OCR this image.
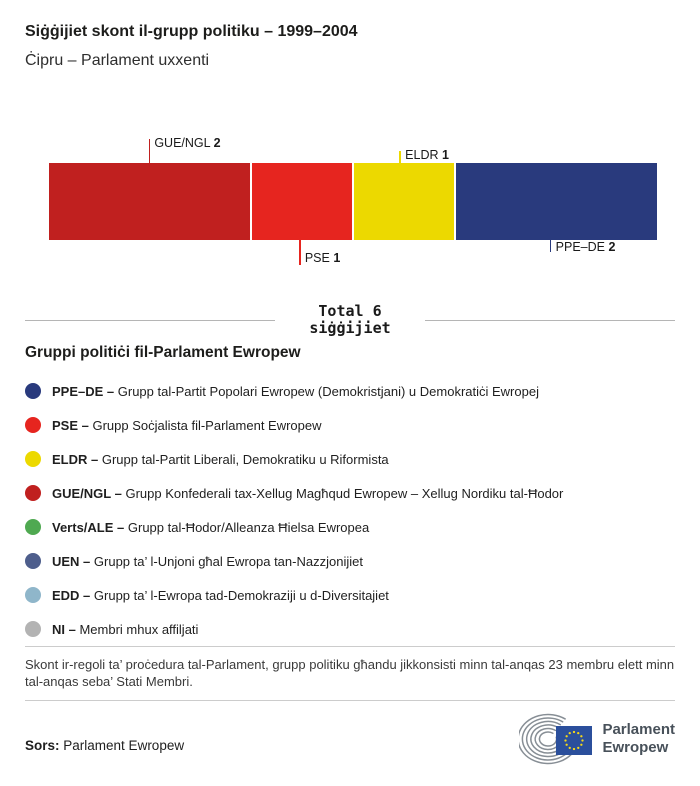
Siġġijiet skont il-grupp politiku – 1999–2004
Ċipru – Parlament uxxenti
GUE/NGL 2
PSE 1
ELDR 1
PPE–DE 2
Total 6
siġġijiet
Gruppi politiċi fil-Parlament Ewropew
PPE–DE – Grupp tal-Partit Popolari Ewropew (Demokristjani) u Demokratiċi Ewropej
PSE – Grupp Soċjalista fil-Parlament Ewropew
ELDR – Grupp tal-Partit Liberali, Demokratiku u Riformista
GUE/NGL – Grupp Konfederali tax-Xellug Magħqud Ewropew – Xellug Nordiku tal-Ħodor
Verts/ALE – Grupp tal-Ħodor/Alleanza Ħielsa Ewropea
UEN – Grupp ta’ l-Unjoni għal Ewropa tan-Nazzjonijiet
EDD – Grupp ta’ l-Ewropa tad-Demokraziji u d-Diversitajiet
NI – Membri mhux affiljati

Skont ir-regoli ta’ proċedura tal-Parlament, grupp politiku għandu jikkonsisti minn tal-anqas 23 membru elett minn tal-anqas seba’ Stati Membri.

Sors: Parlament Ewropew
Parlament
Ewropew
